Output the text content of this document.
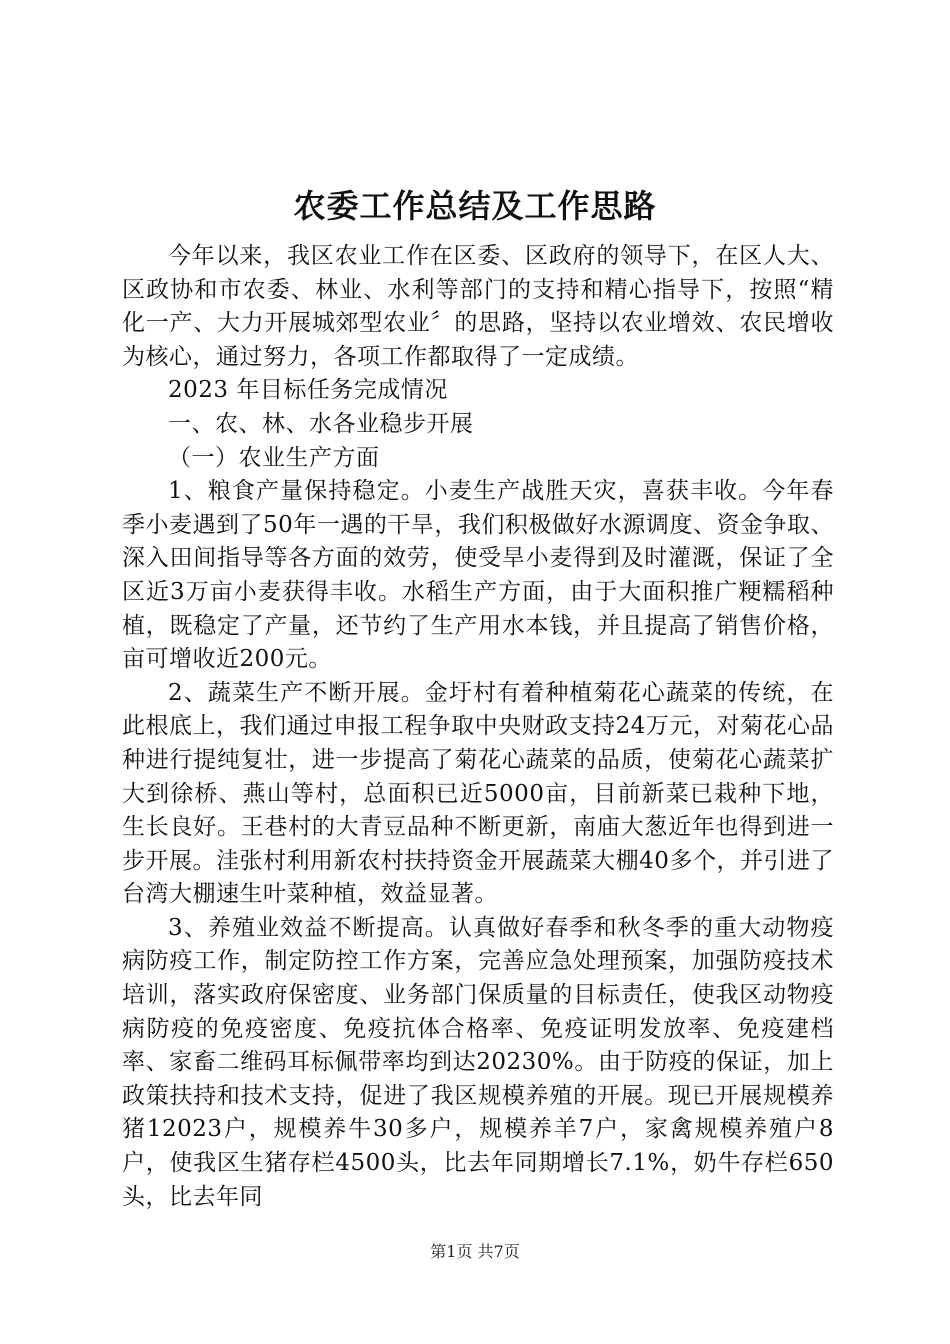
农委工作总结及工作思路

今年以来，我区农业工作在区委、区政府的领导下，在区人大、区政协和市农委、林业、水利等部门的支持和精心指导下，按照“精化一产、大力开展城郊型农业〞的思路，坚持以农业增效、农民增收为核心，通过努力，各项工作都取得了一定成绩。

2023 年目标任务完成情况

一、农、林、水各业稳步开展

（一）农业生产方面

1、粮食产量保持稳定。小麦生产战胜天灾，喜获丰收。今年春季小麦遇到了50年一遇的干旱，我们积极做好水源调度、资金争取、深入田间指导等各方面的效劳，使受旱小麦得到及时灌溉，保证了全区近3万亩小麦获得丰收。水稻生产方面，由于大面积推广粳糯稻种植，既稳定了产量，还节约了生产用水本钱，并且提高了销售价格，亩可增收近200元。

2、蔬菜生产不断开展。金圩村有着种植菊花心蔬菜的传统，在此根底上，我们通过申报工程争取中央财政支持24万元，对菊花心品种进行提纯复壮，进一步提高了菊花心蔬菜的品质，使菊花心蔬菜扩大到徐桥、燕山等村，总面积已近5000亩，目前新菜已栽种下地，生长良好。王巷村的大青豆品种不断更新，南庙大葱近年也得到进一步开展。洼张村利用新农村扶持资金开展蔬菜大棚40多个，并引进了台湾大棚速生叶菜种植，效益显著。

3、养殖业效益不断提高。认真做好春季和秋冬季的重大动物疫病防疫工作，制定防控工作方案，完善应急处理预案，加强防疫技术培训，落实政府保密度、业务部门保质量的目标责任，使我区动物疫病防疫的免疫密度、免疫抗体合格率、免疫证明发放率、免疫建档率、家畜二维码耳标佩带率均到达20230%。由于防疫的保证，加上政策扶持和技术支持，促进了我区规模养殖的开展。现已开展规模养猪12023户，规模养牛30多户，规模养羊7户，家禽规模养殖户8户，使我区生猪存栏4500头，比去年同期增长7.1%，奶牛存栏650头，比去年同

第1页 共7页
